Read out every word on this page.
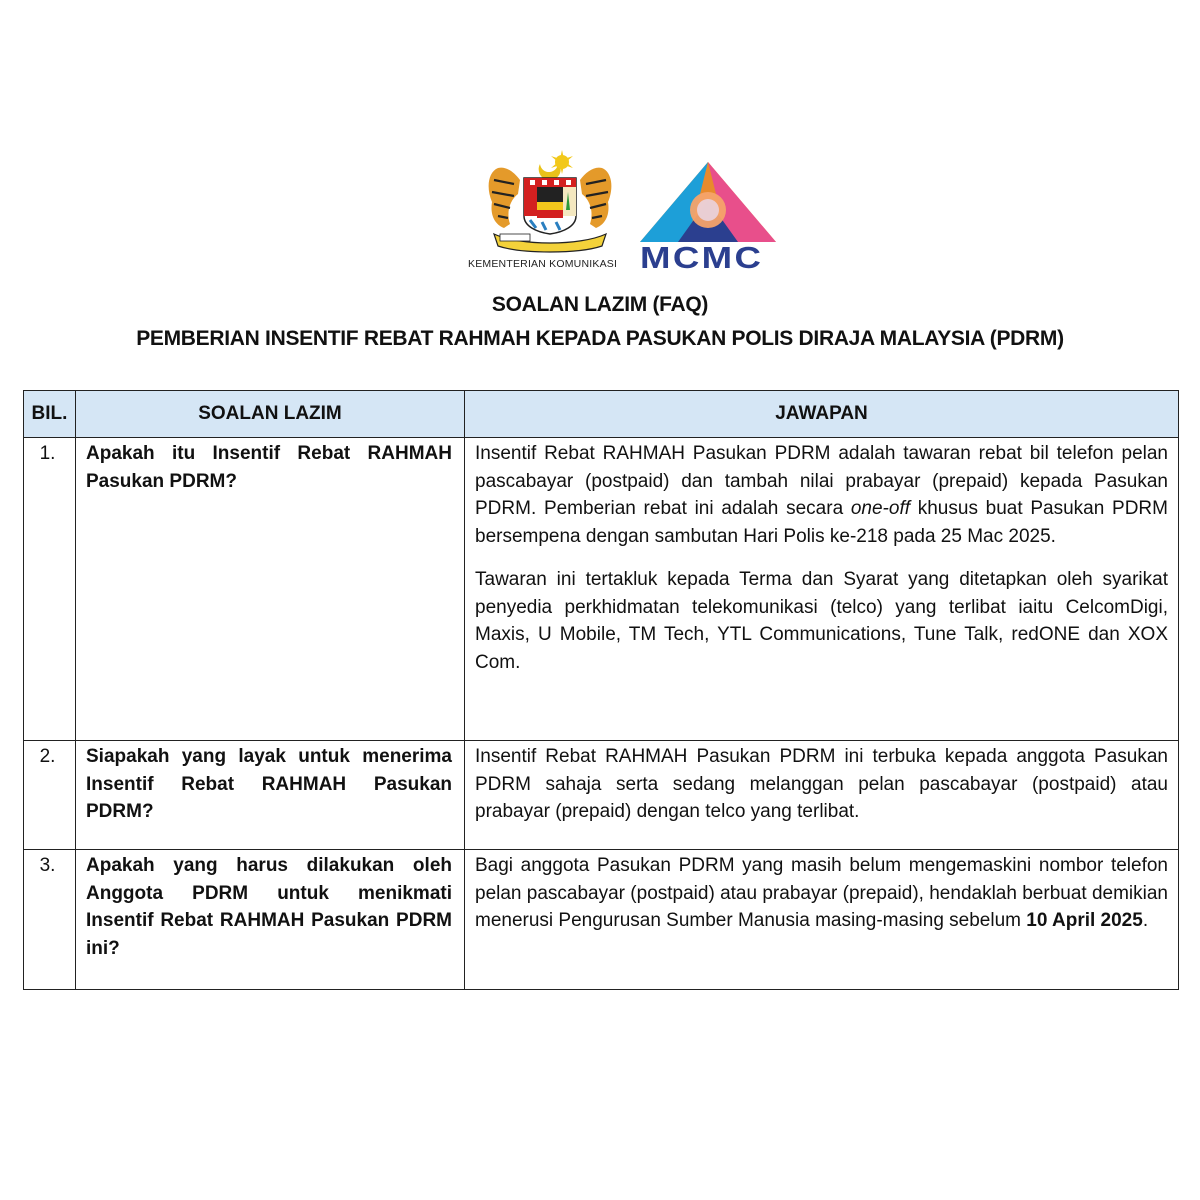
KEMENTERIAN KOMUNIKASI MCMC
SOALAN LAZIM (FAQ)
PEMBERIAN INSENTIF REBAT RAHMAH KEPADA PASUKAN POLIS DIRAJA MALAYSIA (PDRM)
BIL.	SOALAN LAZIM	JAWAPAN
1.	Apakah itu Insentif Rebat RAHMAH Pasukan PDRM?	Insentif Rebat RAHMAH Pasukan PDRM adalah tawaran rebat bil telefon pelan pascabayar (postpaid) dan tambah nilai prabayar (prepaid) kepada Pasukan PDRM. Pemberian rebat ini adalah secara one-off khusus buat Pasukan PDRM bersempena dengan sambutan Hari Polis ke-218 pada 25 Mac 2025.

Tawaran ini tertakluk kepada Terma dan Syarat yang ditetapkan oleh syarikat penyedia perkhidmatan telekomunikasi (telco) yang terlibat iaitu CelcomDigi, Maxis, U Mobile, TM Tech, YTL Communications, Tune Talk, redONE dan XOX Com.

2.	Siapakah yang layak untuk menerima Insentif Rebat RAHMAH Pasukan PDRM?	Insentif Rebat RAHMAH Pasukan PDRM ini terbuka kepada anggota Pasukan PDRM sahaja serta sedang melanggan pelan pascabayar (postpaid) atau prabayar (prepaid) dengan telco yang terlibat.

3.	Apakah yang harus dilakukan oleh Anggota PDRM untuk menikmati Insentif Rebat RAHMAH Pasukan PDRM ini?	Bagi anggota Pasukan PDRM yang masih belum mengemaskini nombor telefon pelan pascabayar (postpaid) atau prabayar (prepaid), hendaklah berbuat demikian menerusi Pengurusan Sumber Manusia masing-masing sebelum 10 April 2025.
